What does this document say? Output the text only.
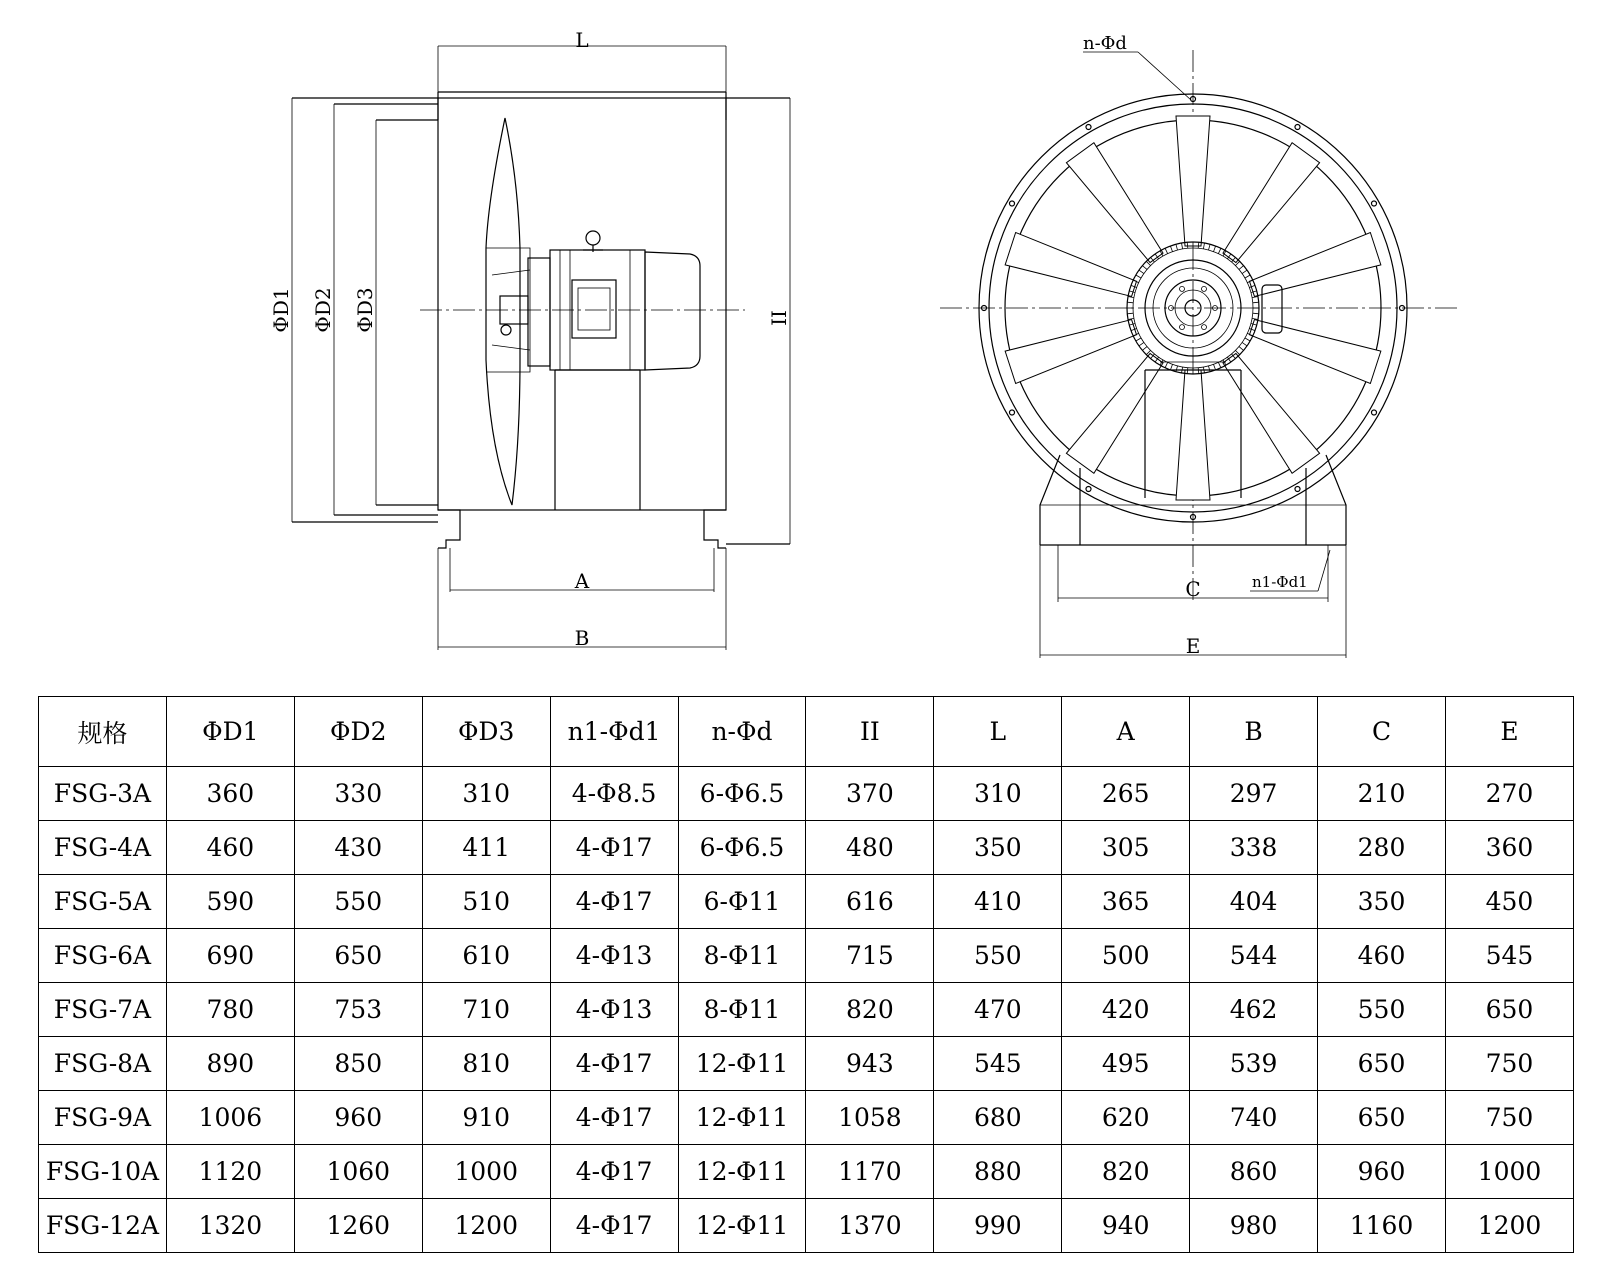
L
ΦD1 ΦD2 ΦD3	II
A
B
n-Φd
n1-Φd1
C
E
规格	ΦD1	ΦD2	ΦD3	n1-Φd1	n-Φd	II	L	A	B	C	E
FSG-3A	360	330	310	4-Φ8.5	6-Φ6.5	370	310	265	297	210	270
FSG-4A	460	430	411	4-Φ17	6-Φ6.5	480	350	305	338	280	360
FSG-5A	590	550	510	4-Φ17	6-Φ11	616	410	365	404	350	450
FSG-6A	690	650	610	4-Φ13	8-Φ11	715	550	500	544	460	545
FSG-7A	780	753	710	4-Φ13	8-Φ11	820	470	420	462	550	650
FSG-8A	890	850	810	4-Φ17	12-Φ11	943	545	495	539	650	750
FSG-9A	1006	960	910	4-Φ17	12-Φ11	1058	680	620	740	650	750
FSG-10A	1120	1060	1000	4-Φ17	12-Φ11	1170	880	820	860	960	1000
FSG-12A	1320	1260	1200	4-Φ17	12-Φ11	1370	990	940	980	1160	1200
